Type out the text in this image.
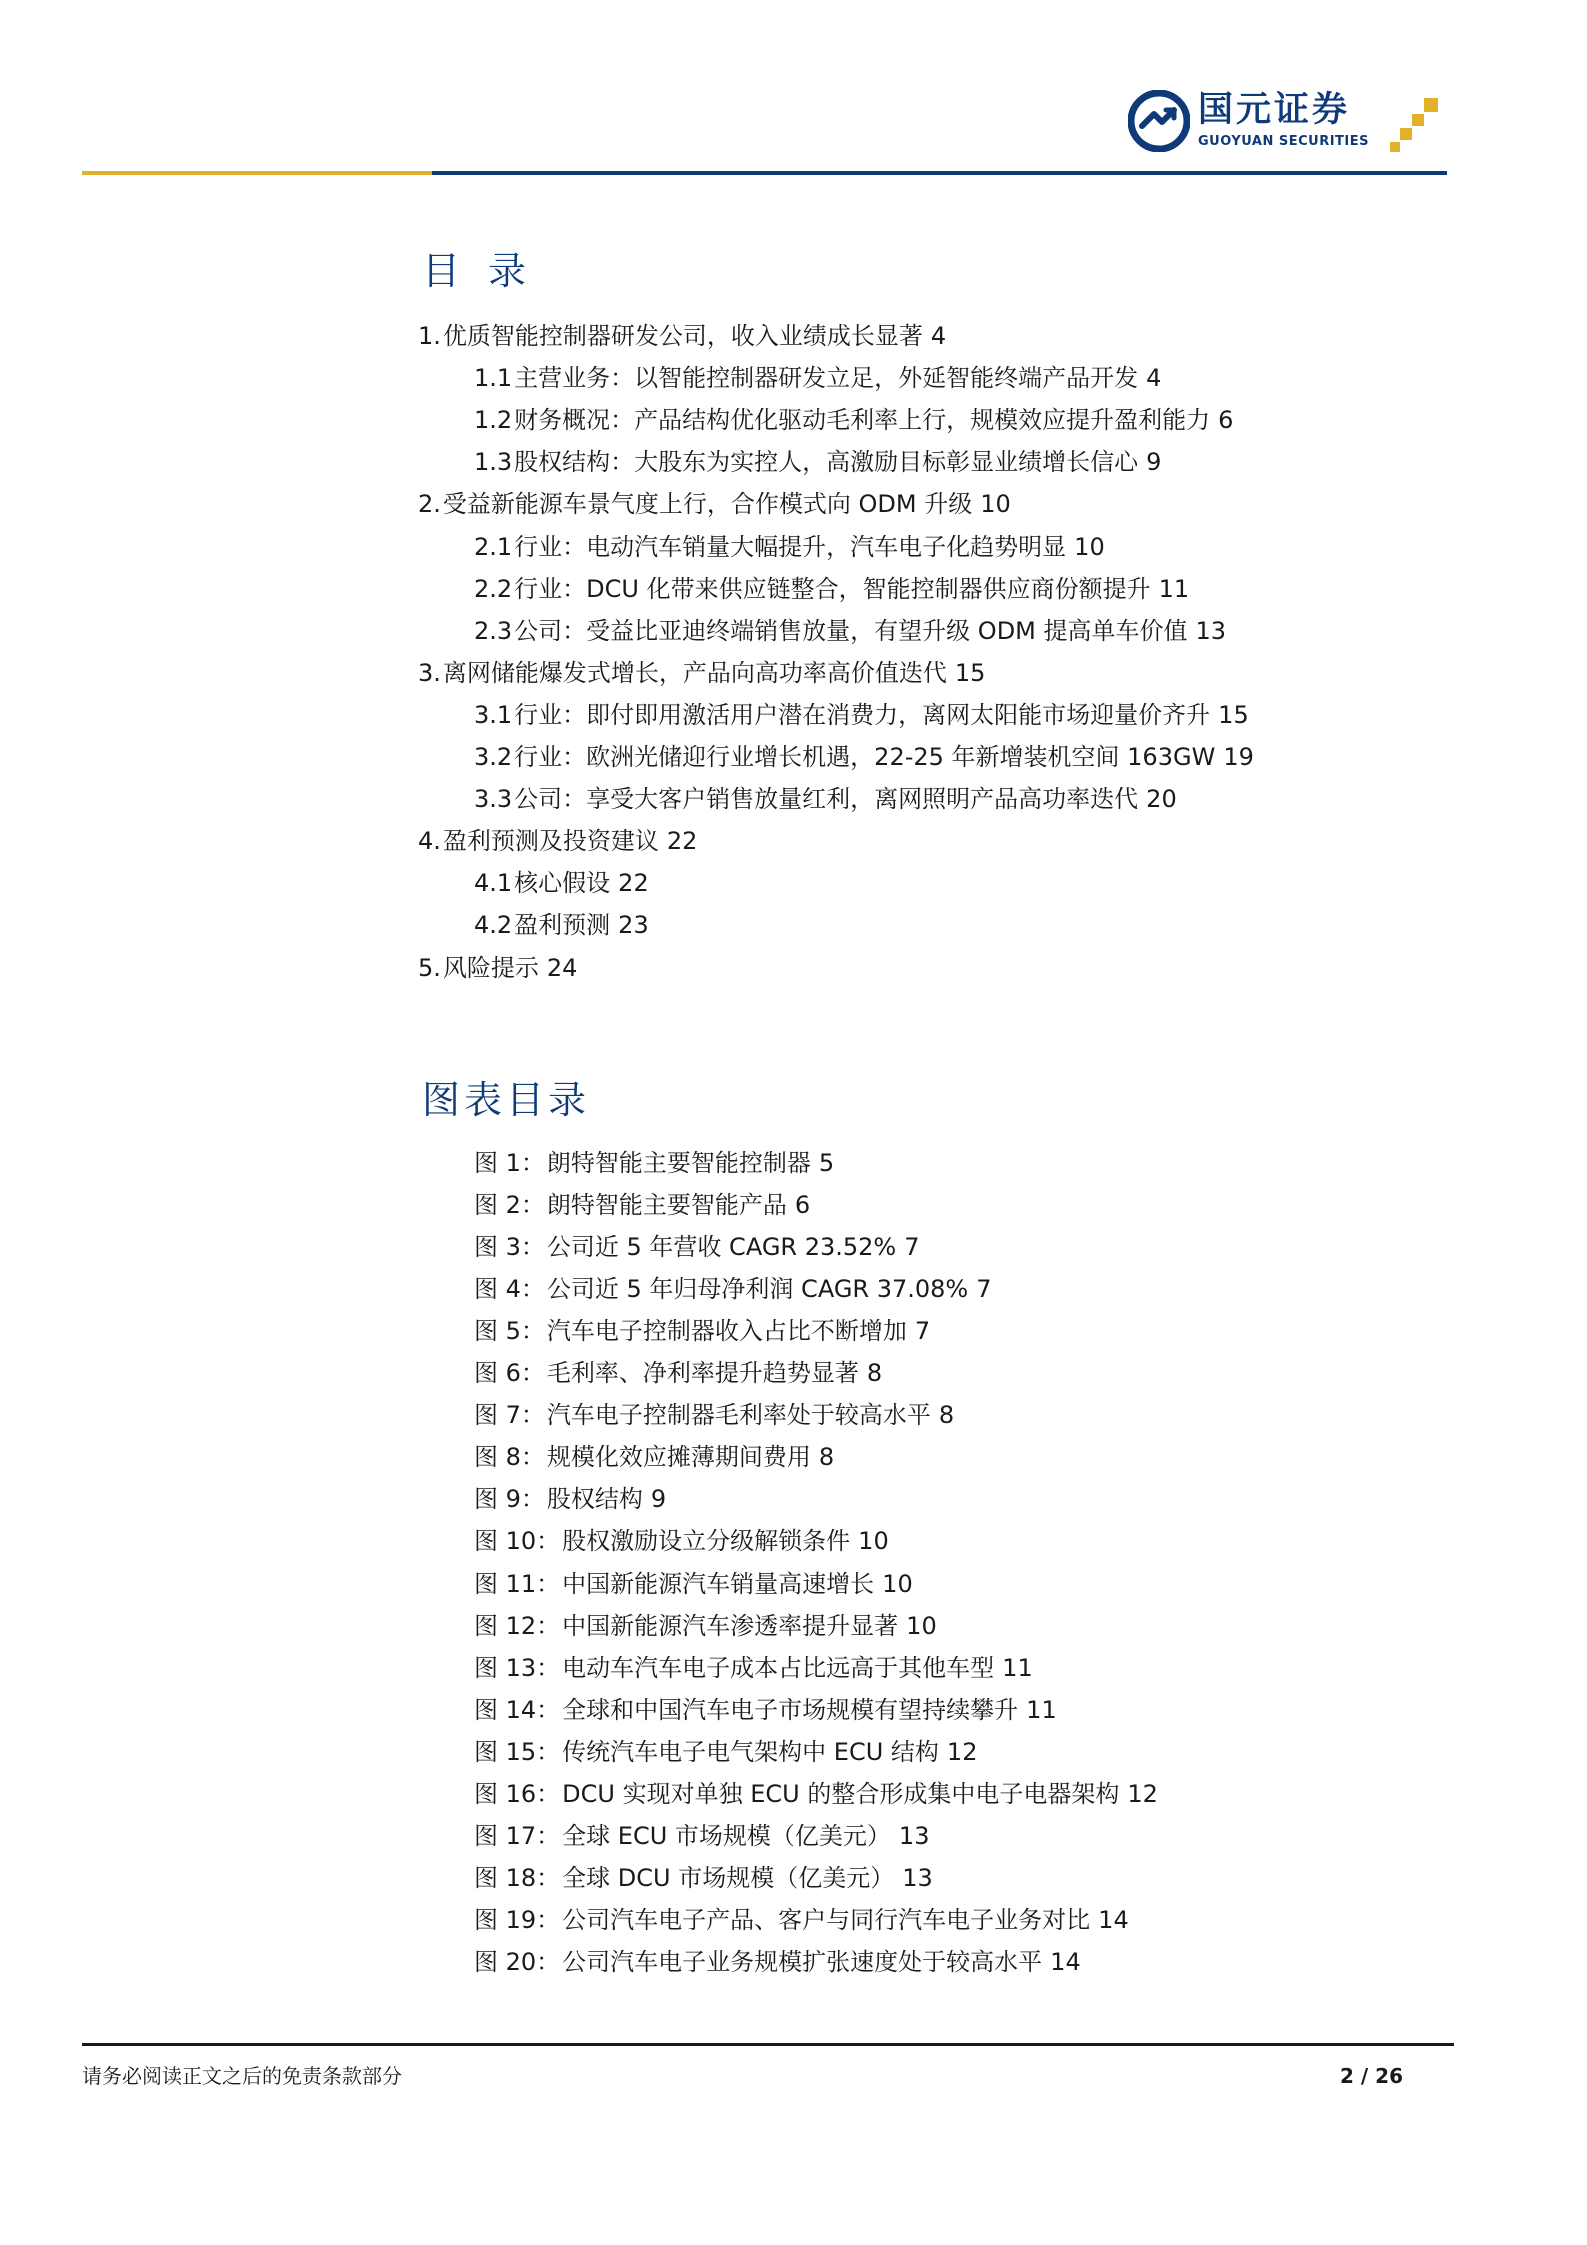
国元证券
GUOYUAN SECURITIES
目录
1. 优质智能控制器研发公司，收入业绩成长显著 4
1.1 主营业务：以智能控制器研发立足，外延智能终端产品开发 4
1.2 财务概况：产品结构优化驱动毛利率上行，规模效应提升盈利能力 6
1.3 股权结构：大股东为实控人，高激励目标彰显业绩增长信心 9
2. 受益新能源车景气度上行，合作模式向 ODM 升级 10
2.1 行业：电动汽车销量大幅提升，汽车电子化趋势明显 10
2.2 行业：DCU 化带来供应链整合，智能控制器供应商份额提升 11
2.3 公司：受益比亚迪终端销售放量，有望升级 ODM 提高单车价值 13
3. 离网储能爆发式增长，产品向高功率高价值迭代 15
3.1 行业：即付即用激活用户潜在消费力，离网太阳能市场迎量价齐升 15
3.2 行业：欧洲光储迎行业增长机遇，22-25 年新增装机空间 163GW 19
3.3 公司：享受大客户销售放量红利，离网照明产品高功率迭代 20
4. 盈利预测及投资建议 22
4.1 核心假设 22
4.2 盈利预测 23
5. 风险提示 24
图表目录
图 1： 朗特智能主要智能控制器 5
图 2： 朗特智能主要智能产品 6
图 3： 公司近 5 年营收 CAGR 23.52% 7
图 4： 公司近 5 年归母净利润 CAGR 37.08% 7
图 5： 汽车电子控制器收入占比不断增加 7
图 6： 毛利率、净利率提升趋势显著 8
图 7： 汽车电子控制器毛利率处于较高水平 8
图 8： 规模化效应摊薄期间费用 8
图 9： 股权结构 9
图 10： 股权激励设立分级解锁条件 10
图 11： 中国新能源汽车销量高速增长 10
图 12： 中国新能源汽车渗透率提升显著 10
图 13： 电动车汽车电子成本占比远高于其他车型 11
图 14： 全球和中国汽车电子市场规模有望持续攀升 11
图 15： 传统汽车电子电气架构中 ECU 结构 12
图 16： DCU 实现对单独 ECU 的整合形成集中电子电器架构 12
图 17： 全球 ECU 市场规模（亿美元） 13
图 18： 全球 DCU 市场规模（亿美元） 13
图 19： 公司汽车电子产品、客户与同行汽车电子业务对比 14
图 20： 公司汽车电子业务规模扩张速度处于较高水平 14
请务必阅读正文之后的免责条款部分	2 / 26
